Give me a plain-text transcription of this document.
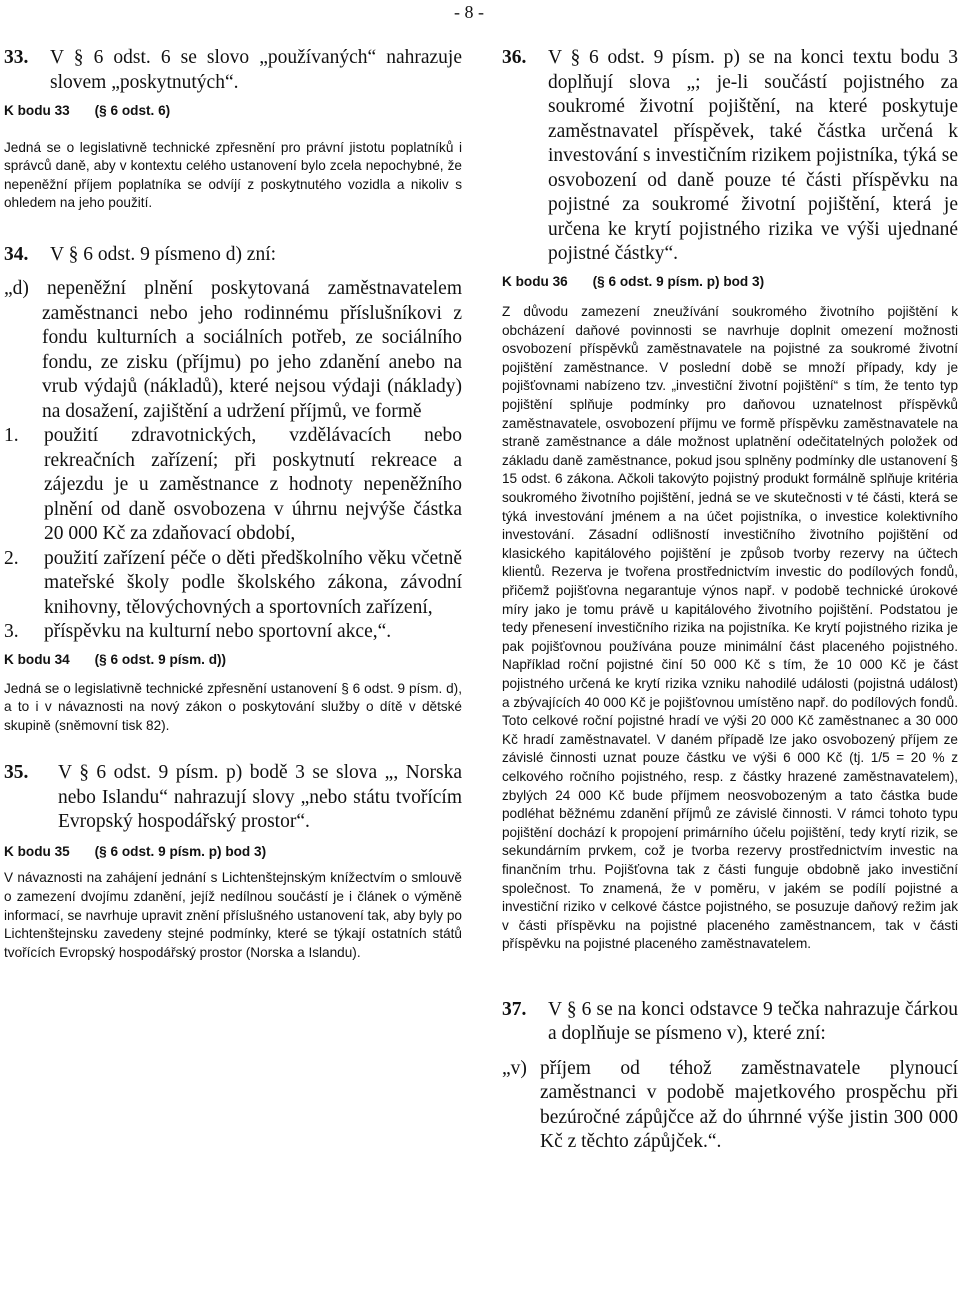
- 8 -
33.	V § 6 odst. 6 se slovo „používaných“ nahrazuje slovem „poskytnutých“.

K bodu 33	(§ 6 odst. 6)

Jedná se o legislativně technické zpřesnění pro právní jistotu poplatníků i správců daně, aby v kontextu celého ustanovení bylo zcela nepochybné, že nepeněžní příjem poplatníka se odvíjí z poskytnutého vozidla a nikoliv s ohledem na jeho použití.

34.	V § 6 odst. 9 písmeno d) zní:

„d) nepeněžní plnění poskytovaná zaměstnavatelem zaměstnanci nebo jeho rodinnému příslušníkovi z fondu kulturních a sociálních potřeb, ze sociálního fondu, ze zisku (příjmu) po jeho zdanění anebo na vrub výdajů (nákladů), které nejsou výdaji (náklady) na dosažení, zajištění a udržení příjmů, ve formě

1.	použití zdravotnických, vzdělávacích nebo rekreačních zařízení; při poskytnutí rekreace a zájezdu je u zaměstnance z hodnoty nepeněžního plnění od daně osvobozena v úhrnu nejvýše částka 20 000 Kč za zdaňovací období,
2.	použití zařízení péče o děti předškolního věku včetně mateřské školy podle školského zákona, závodní knihovny, tělovýchovných a sportovních zařízení,
3.	příspěvku na kulturní nebo sportovní akce,“.

K bodu 34	(§ 6 odst. 9 písm. d))

Jedná se o legislativně technické zpřesnění ustanovení § 6 odst. 9 písm. d), a to i v návaznosti na nový zákon o poskytování služby o dítě v dětské skupině (sněmovní tisk 82).

35.	V § 6 odst. 9 písm. p) bodě 3 se slova „, Norska nebo Islandu“ nahrazují slovy „nebo státu tvořícím Evropský hospodářský prostor“.

K bodu 35	(§ 6 odst. 9 písm. p) bod 3)

V návaznosti na zahájení jednání s Lichtenštejnským knížectvím o smlouvě o zamezení dvojímu zdanění, jejíž nedílnou součástí je i článek o výměně informací, se navrhuje upravit znění příslušného ustanovení tak, aby byly po Lichtenštejnsku zavedeny stejné podmínky, které se týkají ostatních států tvořících Evropský hospodářský prostor (Norska a Islandu).

36.	V § 6 odst. 9 písm. p) se na konci textu bodu 3 doplňují slova „; je-li součástí pojistného za soukromé životní pojištění, na které poskytuje zaměstnavatel příspěvek, také částka určená k investování s investičním rizikem pojistníka, týká se osvobození od daně pouze té části příspěvku na pojistné za soukromé životní pojištění, která je určena ke krytí pojistného rizika ve výši ujednané pojistné částky“.

K bodu 36	(§ 6 odst. 9 písm. p) bod 3)

Z důvodu zamezení zneužívání soukromého životního pojištění k obcházení daňové povinnosti se navrhuje doplnit omezení možnosti osvobození příspěvků zaměstnavatele na pojistné za soukromé životní pojištění zaměstnance. V poslední době se množí případy, kdy je pojišťovnami nabízeno tzv. „investiční životní pojištění“ s tím, že tento typ pojištění splňuje podmínky pro daňovou uznatelnost příspěvků zaměstnavatele, osvobození příjmu ve formě příspěvku zaměstnavatele na straně zaměstnance a dále možnost uplatnění odečitatelných položek od základu daně zaměstnance, pokud jsou splněny podmínky dle ustanovení § 15 odst. 6 zákona. Ačkoli takovýto pojistný produkt formálně splňuje kritéria soukromého životního pojištění, jedná se ve skutečnosti v té části, která se týká investování jménem a na účet pojistníka, o investice kolektivního investování. Zásadní odlišností investičního životního pojištění od klasického kapitálového pojištění je způsob tvorby rezervy na účtech klientů. Rezerva je tvořena prostřednictvím investic do podílových fondů, přičemž pojišťovna negarantuje výnos např. v podobě technické úrokové míry jako je tomu právě u kapitálového životního pojištění. Podstatou je tedy přenesení investičního rizika na pojistníka. Ke krytí pojistného rizika je pak pojišťovnou používána pouze minimální část placeného pojistného. Například roční pojistné činí 50 000 Kč s tím, že 10 000 Kč je část pojistného určená ke krytí rizika vzniku nahodilé události (pojistná událost) a zbývajících 40 000 Kč je pojišťovnou umístěno např. do podílových fondů. Toto celkové roční pojistné hradí ve výši 20 000 Kč zaměstnanec a 30 000 Kč hradí zaměstnavatel. V daném případě lze jako osvobozený příjem ze závislé činnosti uznat pouze částku ve výši 6 000 Kč (tj. 1/5 = 20 % z celkového ročního pojistného, resp. z částky hrazené zaměstnavatelem), zbylých 24 000 Kč bude příjmem neosvobozeným a tato částka bude podléhat běžnému zdanění příjmů ze závislé činnosti. V rámci tohoto typu pojištění dochází k propojení primárního účelu pojištění, tedy krytí rizik, se sekundárním prvkem, což je tvorba rezervy prostřednictvím investic na finančním trhu. Pojišťovna tak z části funguje obdobně jako investiční společnost. To znamená, že v poměru, v jakém se podílí pojistné a investiční riziko v celkové částce pojistného, se posuzuje daňový režim jak v části příspěvku na pojistné placeného zaměstnancem, tak v části příspěvku na pojistné placeného zaměstnavatelem.

37.	V § 6 se na konci odstavce 9 tečka nahrazuje čárkou a doplňuje se písmeno v), které zní:
„v) příjem od téhož zaměstnavatele plynoucí zaměstnanci v podobě majetkového prospěchu při bezúročné zápůjčce až do úhrnné výše jistin 300 000 Kč z těchto zápůjček.“.
